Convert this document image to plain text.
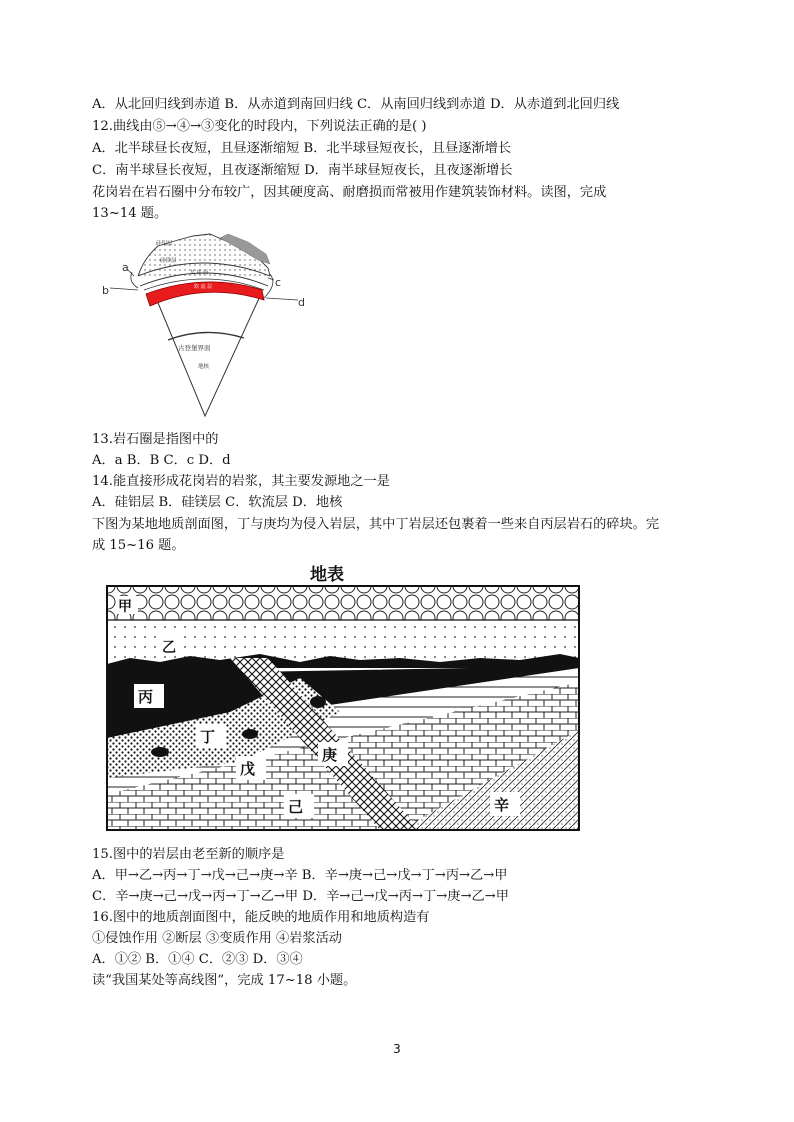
A．从北回归线到赤道 B．从赤道到南回归线 C．从南回归线到赤道 D．从赤道到北回归线
12.曲线由⑤→④→③变化的时段内，下列说法正确的是( )
A．北半球昼长夜短，且昼逐渐缩短 B．北半球昼短夜长，且昼逐渐增长
C．南半球昼长夜短，且夜逐渐缩短 D．南半球昼短夜长，且夜逐渐增长
花岗岩在岩石圈中分布较广，因其硬度高、耐磨损而常被用作建筑装饰材料。读图，完成
13~14 题。
硅铝层
硅镁层
莫 霍 面
软 流 层
古登堡界面
地核
a
b
c
d
13.岩石圈是指图中的
A．a B．B C．c D．d
14.能直接形成花岗岩的岩浆，其主要发源地之一是
A．硅铝层 B．硅镁层 C．软流层 D．地核
下图为某地地质剖面图，丁与庚均为侵入岩层，其中丁岩层还包裹着一些来自丙层岩石的碎块。完
成 15~16 题。
地表
甲
乙
丙
丁
戊
庚
己	辛
15.图中的岩层由老至新的顺序是
A．甲→乙→丙→丁→戊→己→庚→辛 B．辛→庚→己→戊→丁→丙→乙→甲
C．辛→庚→己→戊→丙→丁→乙→甲 D．辛→己→戊→丙→丁→庚→乙→甲
16.图中的地质剖面图中，能反映的地质作用和地质构造有
①侵蚀作用 ②断层 ③变质作用 ④岩浆活动
A．①② B．①④ C．②③ D．③④
读“我国某处等高线图”，完成 17~18 小题。
3
